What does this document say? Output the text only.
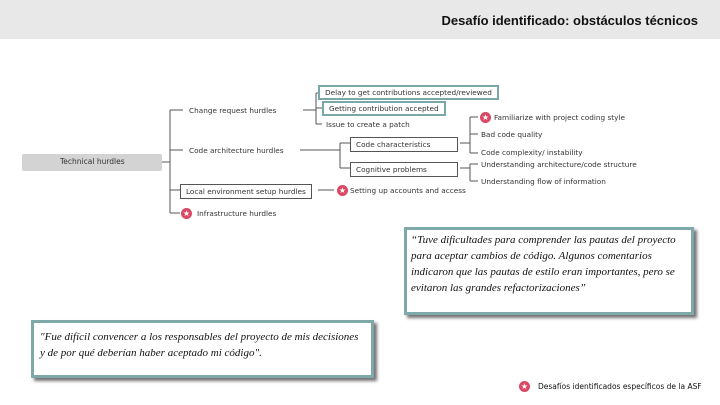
Desafío identificado: obstáculos técnicos
Technical hurdles
Change request hurdles
Code architecture hurdles
Local environment setup hurdles
★ Infrastructure hurdles
Delay to get contributions accepted/reviewed
Getting contribution accepted
Issue to create a patch
Code characteristics
Cognitive problems
★ Familiarize with project coding style
Bad code quality
Code complexity/ instability
Understanding architecture/code structure
Understanding flow of information
★ Setting up accounts and access
“Tuve dificultades para comprender las pautas del proyecto para aceptar cambios de código. Algunos comentarios indicaron que las pautas de estilo eran importantes, pero se evitaron las grandes refactorizaciones”
"Fue difícil convencer a los responsables del proyecto de mis decisiones y de por qué deberían haber aceptado mi código".
★ Desafíos identificados específicos de la ASF
